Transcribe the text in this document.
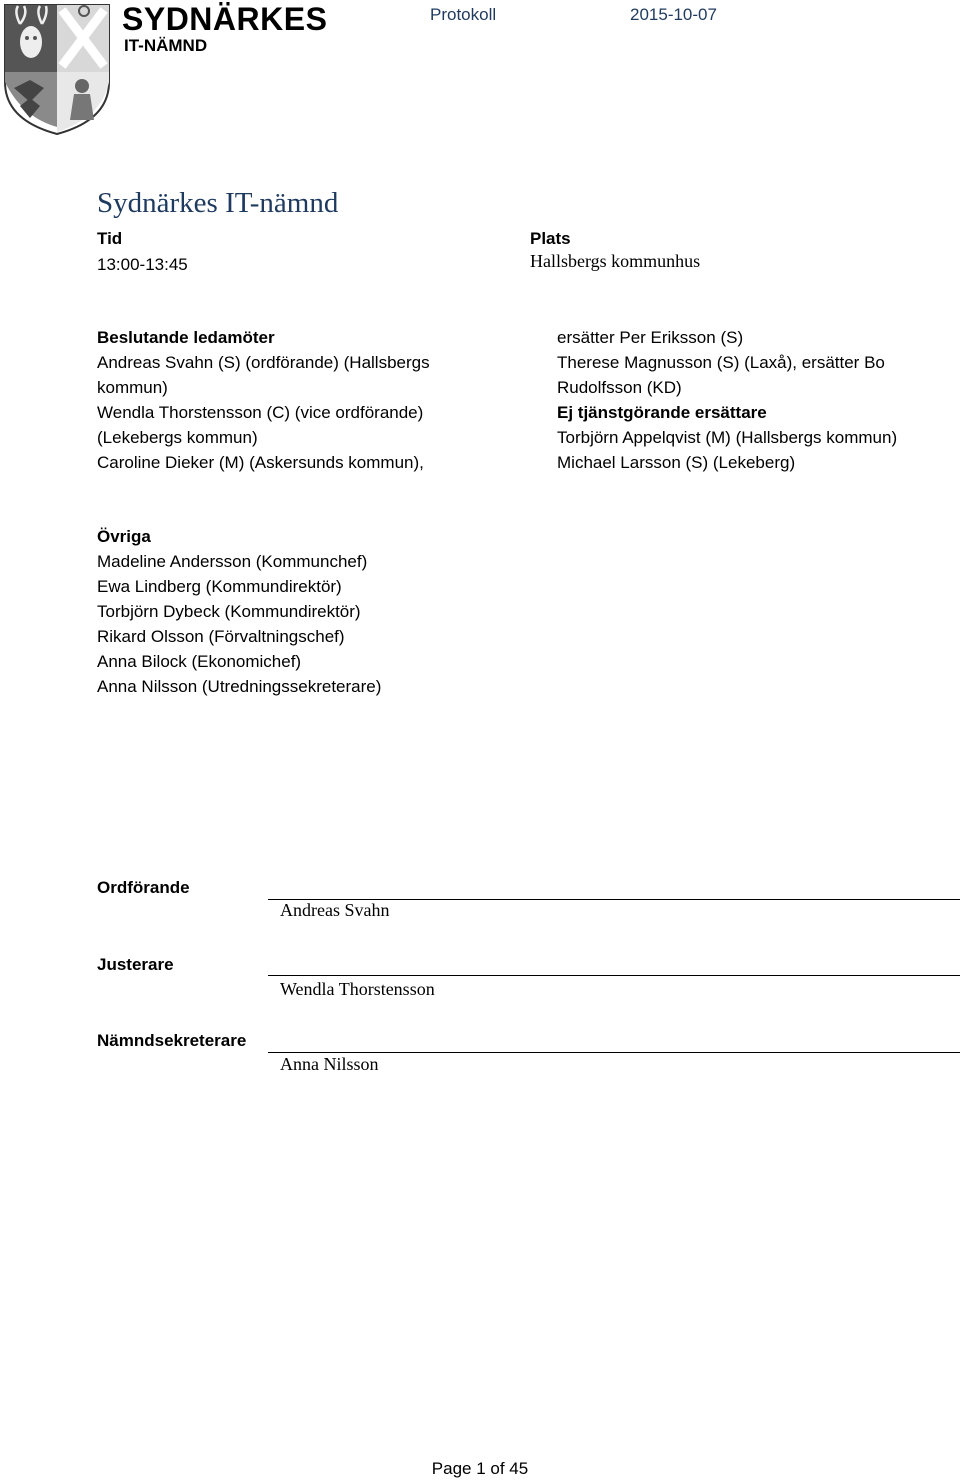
SYDNÄRKES
IT-NÄMND
Protokoll	2015-10-07
Sydnärkes IT-nämnd
Tid
13:00-13:45
Plats
Hallsbergs kommunhus
Beslutande ledamöter
Andreas Svahn (S) (ordförande) (Hallsbergs
kommun)
Wendla Thorstensson (C) (vice ordförande)
(Lekebergs kommun)
Caroline Dieker (M) (Askersunds kommun),
ersätter Per Eriksson (S)
Therese Magnusson (S) (Laxå), ersätter Bo
Rudolfsson (KD)
Ej tjänstgörande ersättare
Torbjörn Appelqvist (M) (Hallsbergs kommun)
Michael Larsson (S) (Lekeberg)
Övriga
Madeline Andersson (Kommunchef)
Ewa Lindberg (Kommundirektör)
Torbjörn Dybeck (Kommundirektör)
Rikard Olsson (Förvaltningschef)
Anna Bilock (Ekonomichef)
Anna Nilsson (Utredningssekreterare)
Ordförande
Andreas Svahn
Justerare
Wendla Thorstensson
Nämndsekreterare
Anna Nilsson
Page 1 of 45
